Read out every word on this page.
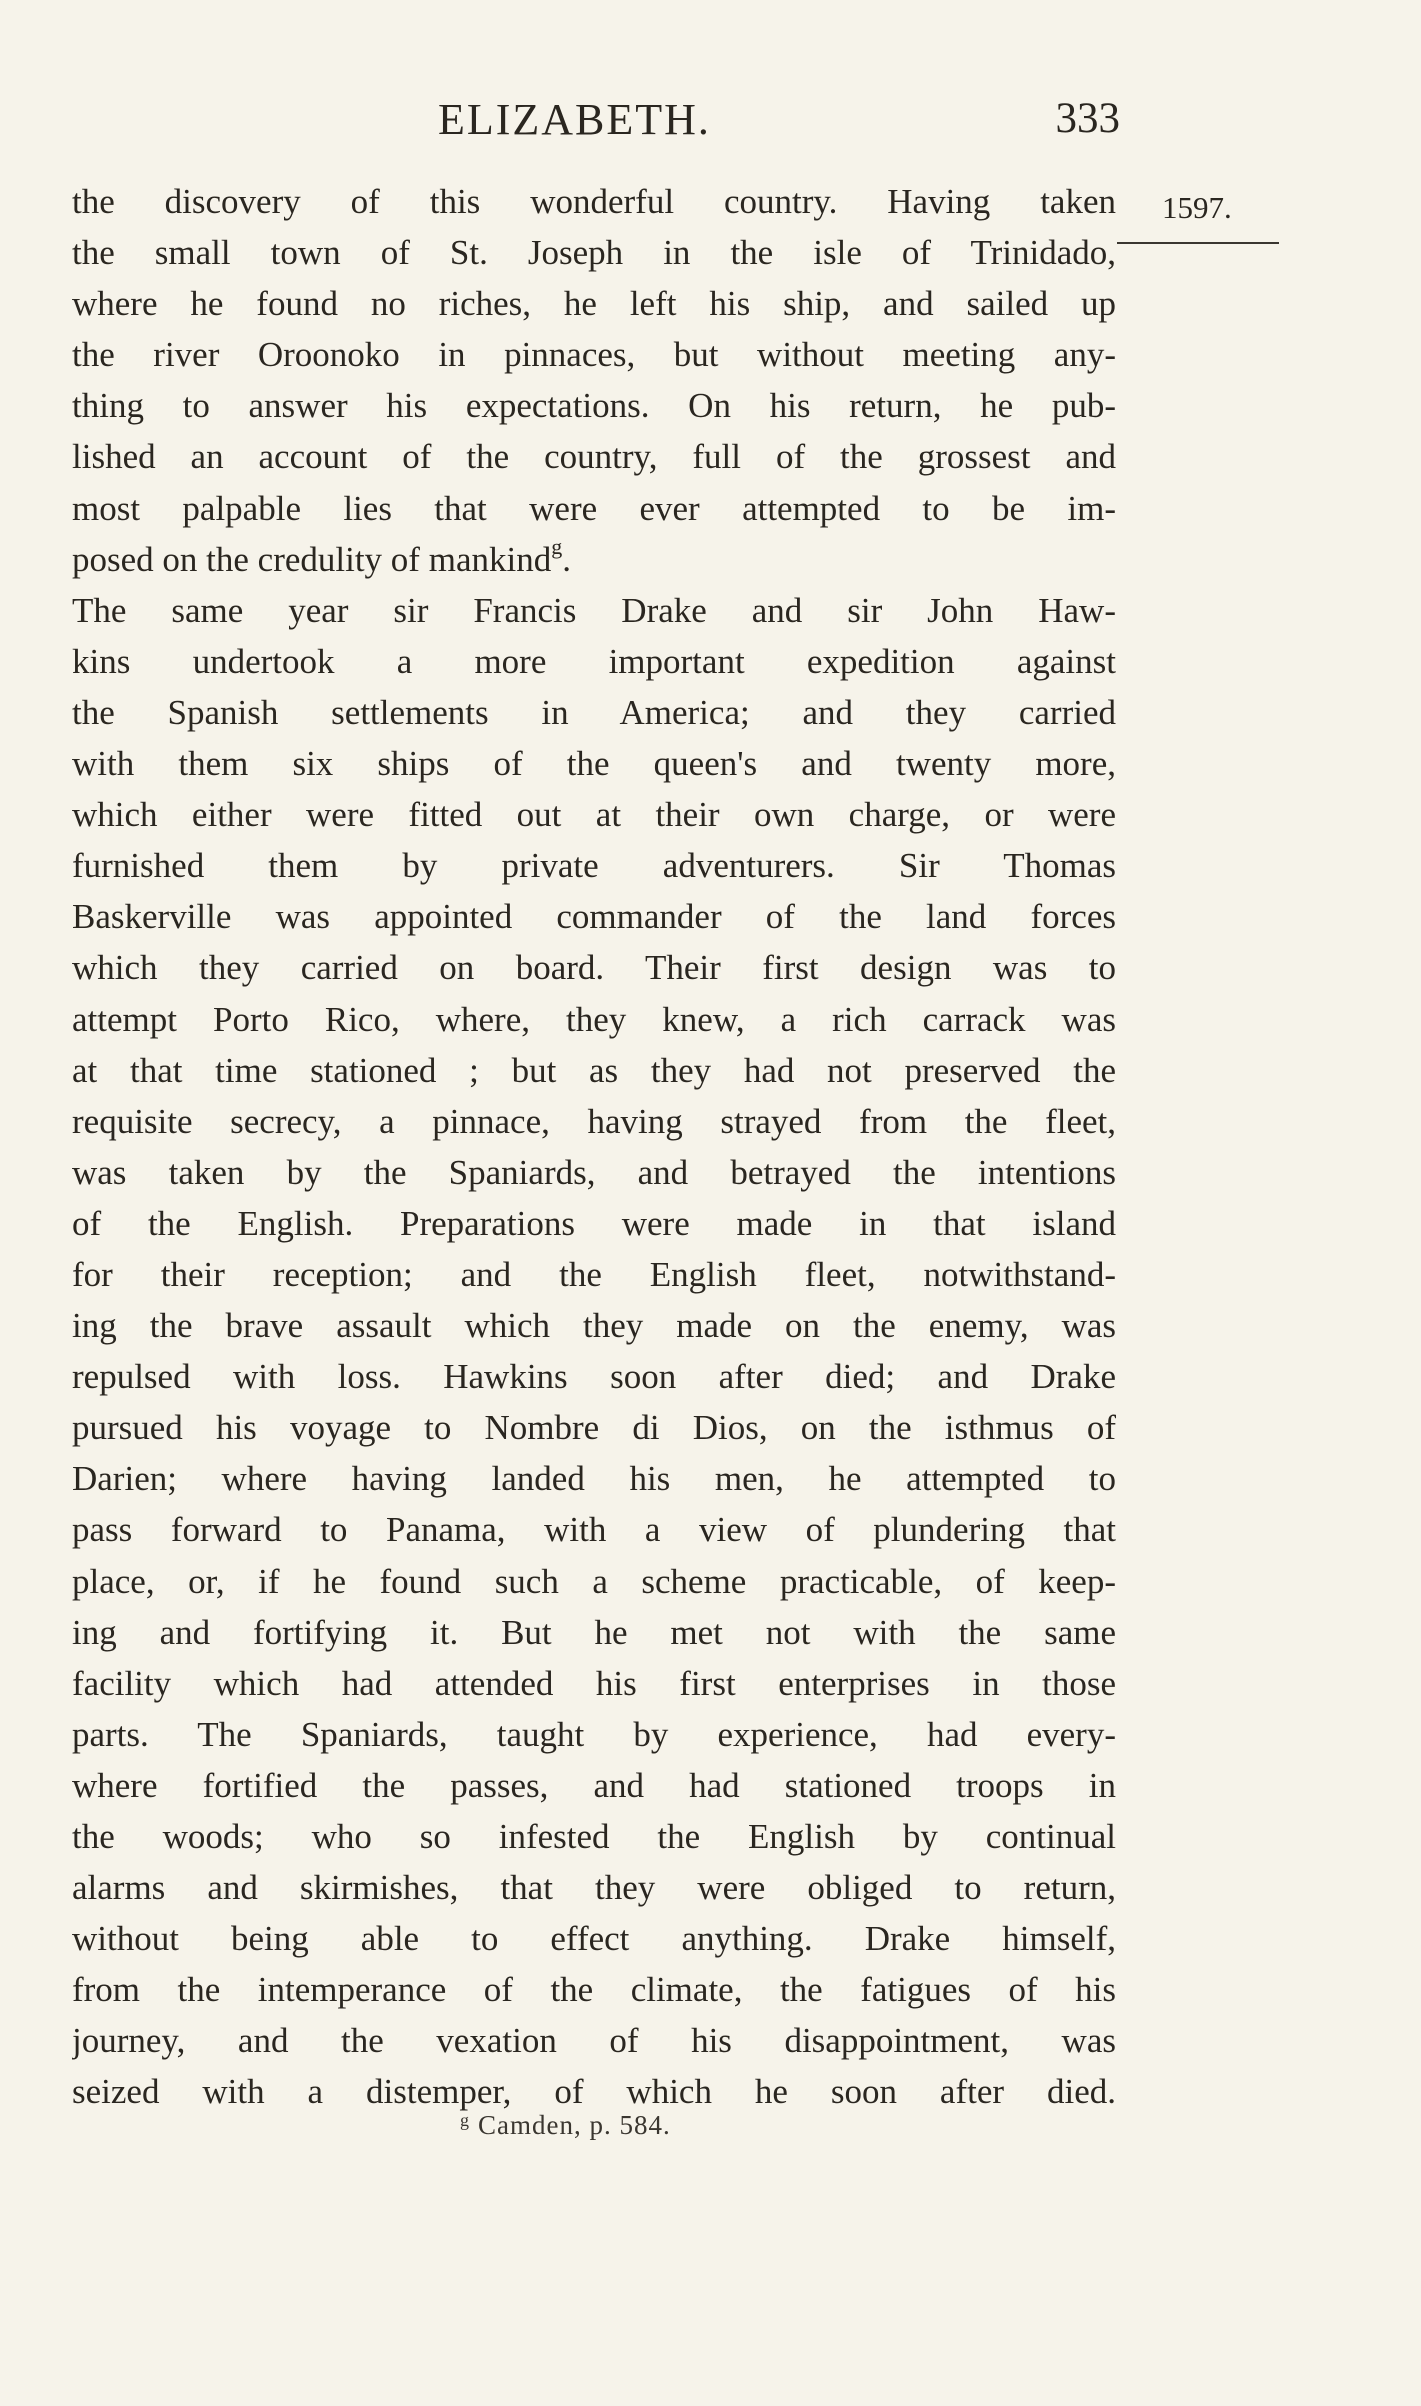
ELIZABETH.	333
1597.
the discovery of this wonderful country. Having taken
the small town of St. Joseph in the isle of Trinidado,
where he found no riches, he left his ship, and sailed up
the river Oroonoko in pinnaces, but without meeting any-
thing to answer his expectations. On his return, he pub-
lished an account of the country, full of the grossest and
most palpable lies that were ever attempted to be im-
posed on the credulity of mankind$^g$.
The same year sir Francis Drake and sir John Haw-
kins undertook a more important expedition against
the Spanish settlements in America; and they carried
with them six ships of the queen's and twenty more,
which either were fitted out at their own charge, or were
furnished them by private adventurers. Sir Thomas
Baskerville was appointed commander of the land forces
which they carried on board. Their first design was to
attempt Porto Rico, where, they knew, a rich carrack was
at that time stationed ; but as they had not preserved the
requisite secrecy, a pinnace, having strayed from the fleet,
was taken by the Spaniards, and betrayed the intentions
of the English. Preparations were made in that island
for their reception; and the English fleet, notwithstand-
ing the brave assault which they made on the enemy, was
repulsed with loss. Hawkins soon after died; and Drake
pursued his voyage to Nombre di Dios, on the isthmus of
Darien; where having landed his men, he attempted to
pass forward to Panama, with a view of plundering that
place, or, if he found such a scheme practicable, of keep-
ing and fortifying it. But he met not with the same
facility which had attended his first enterprises in those
parts. The Spaniards, taught by experience, had every-
where fortified the passes, and had stationed troops in
the woods; who so infested the English by continual
alarms and skirmishes, that they were obliged to return,
without being able to effect anything. Drake himself,
from the intemperance of the climate, the fatigues of his
journey, and the vexation of his disappointment, was
seized with a distemper, of which he soon after died.
$^g$ Camden, p. 584.
